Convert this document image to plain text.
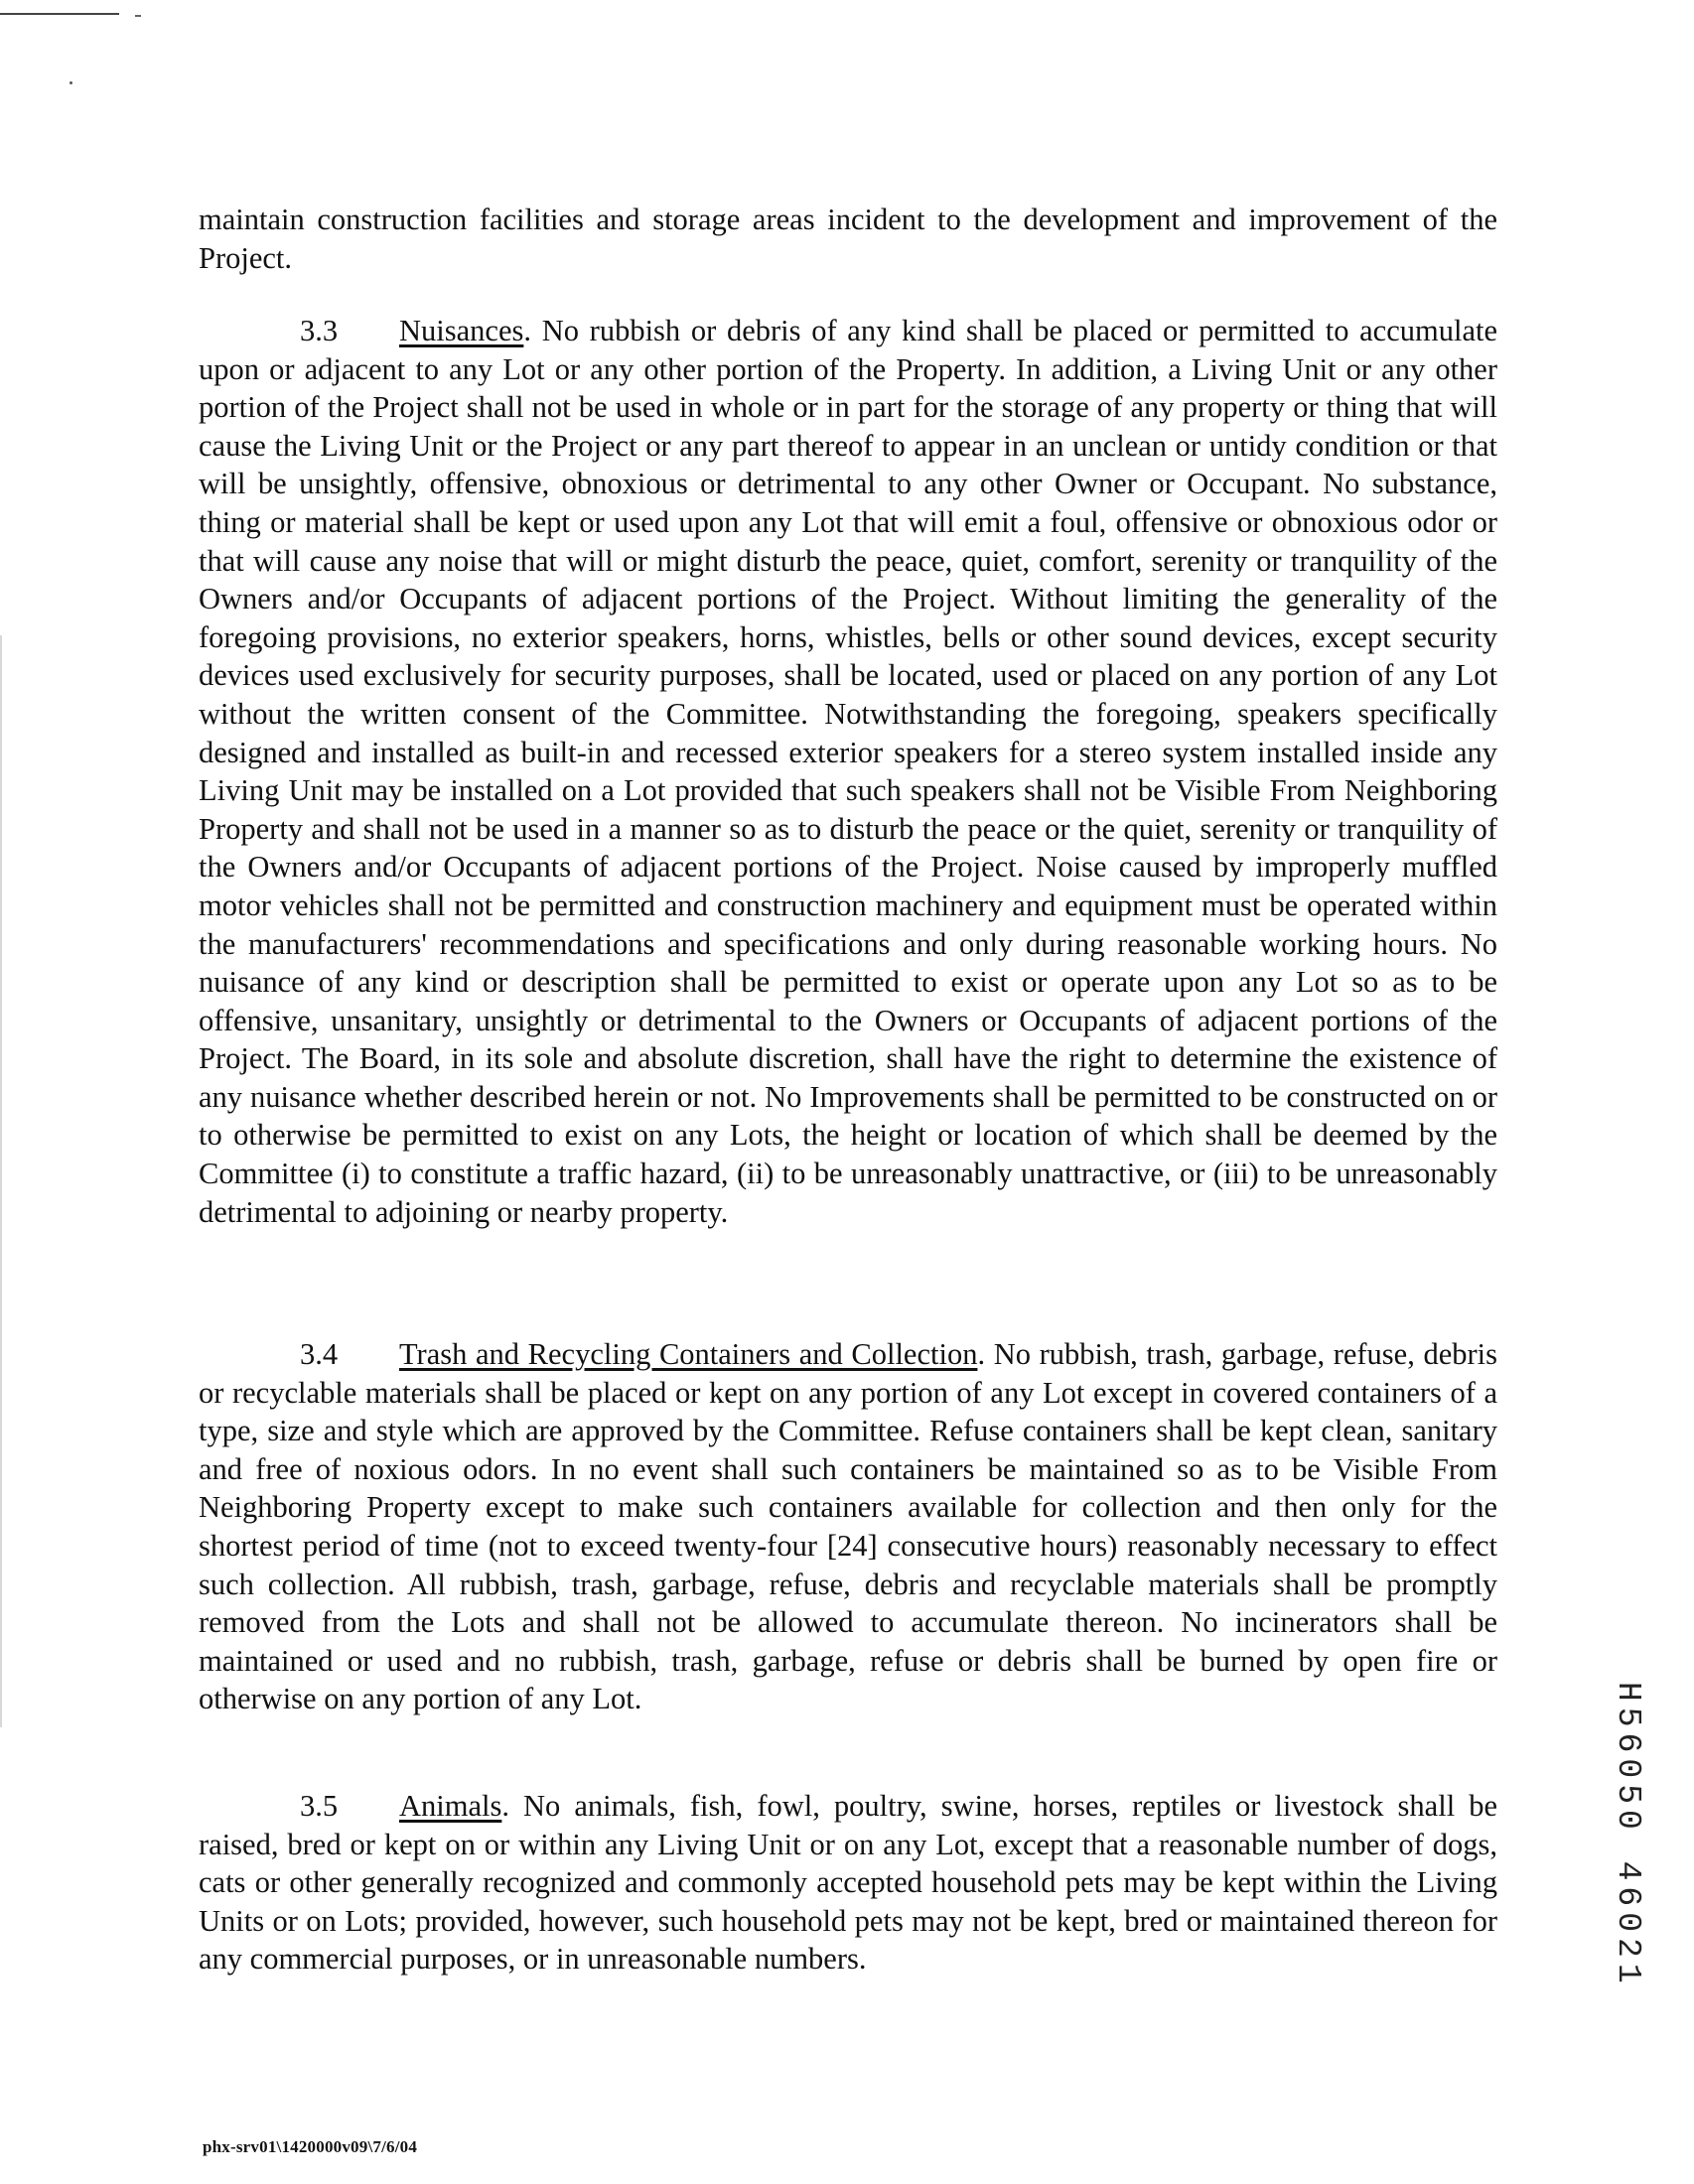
maintain construction facilities and storage areas incident to the development and improvement of the Project.

3.3 Nuisances. No rubbish or debris of any kind shall be placed or permitted to accumulate upon or adjacent to any Lot or any other portion of the Property. In addition, a Living Unit or any other portion of the Project shall not be used in whole or in part for the storage of any property or thing that will cause the Living Unit or the Project or any part thereof to appear in an unclean or untidy condition or that will be unsightly, offensive, obnoxious or detrimental to any other Owner or Occupant. No substance, thing or material shall be kept or used upon any Lot that will emit a foul, offensive or obnoxious odor or that will cause any noise that will or might disturb the peace, quiet, comfort, serenity or tranquility of the Owners and/or Occupants of adjacent portions of the Project. Without limiting the generality of the foregoing provisions, no exterior speakers, horns, whistles, bells or other sound devices, except security devices used exclusively for security purposes, shall be located, used or placed on any portion of any Lot without the written consent of the Committee. Notwithstanding the foregoing, speakers specifically designed and installed as built-in and recessed exterior speakers for a stereo system installed inside any Living Unit may be installed on a Lot provided that such speakers shall not be Visible From Neighboring Property and shall not be used in a manner so as to disturb the peace or the quiet, serenity or tranquility of the Owners and/or Occupants of adjacent portions of the Project. Noise caused by improperly muffled motor vehicles shall not be permitted and construction machinery and equipment must be operated within the manufacturers' recommendations and specifications and only during reasonable working hours. No nuisance of any kind or description shall be permitted to exist or operate upon any Lot so as to be offensive, unsanitary, unsightly or detrimental to the Owners or Occupants of adjacent portions of the Project. The Board, in its sole and absolute discretion, shall have the right to determine the existence of any nuisance whether described herein or not. No Improvements shall be permitted to be constructed on or to otherwise be permitted to exist on any Lots, the height or location of which shall be deemed by the Committee (i) to constitute a traffic hazard, (ii) to be unreasonably unattractive, or (iii) to be unreasonably detrimental to adjoining or nearby property.

3.4 Trash and Recycling Containers and Collection. No rubbish, trash, garbage, refuse, debris or recyclable materials shall be placed or kept on any portion of any Lot except in covered containers of a type, size and style which are approved by the Committee. Refuse containers shall be kept clean, sanitary and free of noxious odors. In no event shall such containers be maintained so as to be Visible From Neighboring Property except to make such containers available for collection and then only for the shortest period of time (not to exceed twenty-four [24] consecutive hours) reasonably necessary to effect such collection. All rubbish, trash, garbage, refuse, debris and recyclable materials shall be promptly removed from the Lots and shall not be allowed to accumulate thereon. No incinerators shall be maintained or used and no rubbish, trash, garbage, refuse or debris shall be burned by open fire or otherwise on any portion of any Lot.

3.5 Animals. No animals, fish, fowl, poultry, swine, horses, reptiles or livestock shall be raised, bred or kept on or within any Living Unit or on any Lot, except that a reasonable number of dogs, cats or other generally recognized and commonly accepted household pets may be kept within the Living Units or on Lots; provided, however, such household pets may not be kept, bred or maintained thereon for any commercial purposes, or in unreasonable numbers.	H56050 46021
phx-srv01\1420000v09\7/6/04
